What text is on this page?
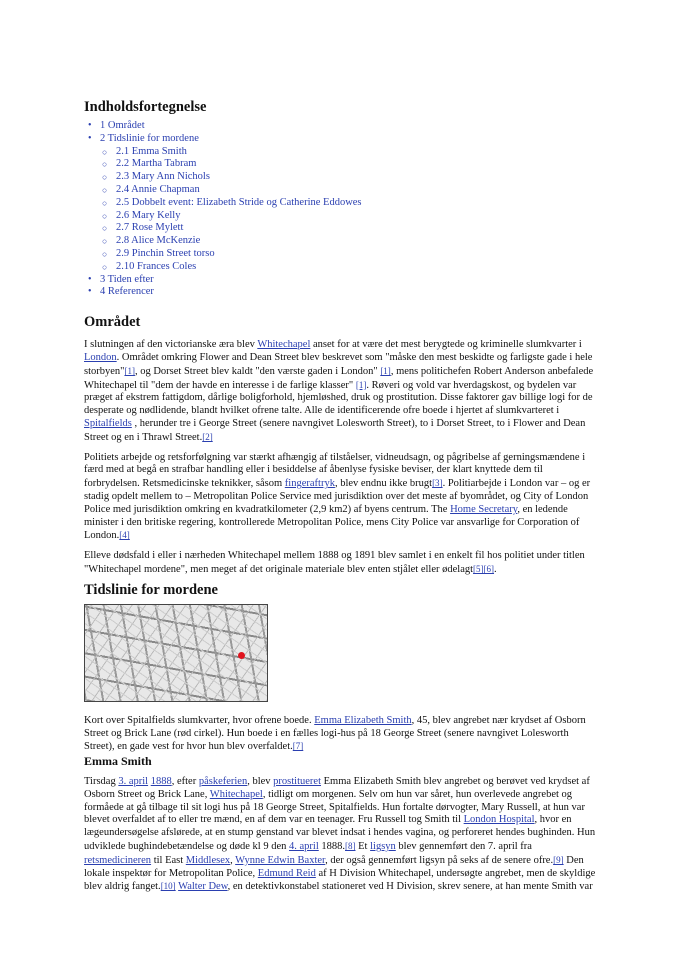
Indholdsfortegnelse
• 1 Området
• 2 Tidslinie for mordene
○ 2.1 Emma Smith
○ 2.2 Martha Tabram
○ 2.3 Mary Ann Nichols
○ 2.4 Annie Chapman
○ 2.5 Dobbelt event: Elizabeth Stride og Catherine Eddowes
○ 2.6 Mary Kelly
○ 2.7 Rose Mylett
○ 2.8 Alice McKenzie
○ 2.9 Pinchin Street torso
○ 2.10 Frances Coles
• 3 Tiden efter
• 4 Referencer
Området

I slutningen af den victorianske æra blev Whitechapel anset for at være det mest berygtede og kriminelle slumkvarter i London. Området omkring Flower and Dean Street blev beskrevet som "måske den mest beskidte og farligste gade i hele storbyen"[1], og Dorset Street blev kaldt "den værste gaden i London" [1], mens politichefen Robert Anderson anbefalede Whitechapel til "dem der havde en interesse i de farlige klasser" [1]. Røveri og vold var hverdagskost, og bydelen var præget af ekstrem fattigdom, dårlige boligforhold, hjemløshed, druk og prostitution. Disse faktorer gav billige logi for de desperate og nødlidende, blandt hvilket ofrene talte. Alle de identificerende ofre boede i hjertet af slumkvarteret i Spitalfields , herunder tre i George Street (senere navngivet Lolesworth Street), to i Dorset Street, to i Flower and Dean Street og en i Thrawl Street.[2]

Politiets arbejde og retsforfølgning var stærkt afhængig af tilståelser, vidneudsagn, og pågribelse af gerningsmændene i færd med at begå en strafbar handling eller i besiddelse af åbenlyse fysiske beviser, der klart knyttede dem til forbrydelsen. Retsmedicinske teknikker, såsom fingeraftryk, blev endnu ikke brugt[3]. Politiarbejde i London var – og er stadig opdelt mellem to – Metropolitan Police Service med jurisdiktion over det meste af byområdet, og City of London Police med jurisdiktion omkring en kvadratkilometer (2,9 km2) af byens centrum. The Home Secretary, en ledende minister i den britiske regering, kontrollerede Metropolitan Police, mens City Police var ansvarlige for Corporation of London.[4]

Elleve dødsfald i eller i nærheden Whitechapel mellem 1888 og 1891 blev samlet i en enkelt fil hos politiet under titlen "Whitechapel mordene", men meget af det originale materiale blev enten stjålet eller ødelagt[5][6].

Tidslinie for mordene

Kort over Spitalfields slumkvarter, hvor ofrene boede. Emma Elizabeth Smith, 45, blev angrebet nær krydset af Osborn Street og Brick Lane (rød cirkel). Hun boede i en fælles logi-hus på 18 George Street (senere navngivet Lolesworth Street), en gade vest for hvor hun blev overfaldet.[7]

Emma Smith

Tirsdag 3. april 1888, efter påskeferien, blev prostitueret Emma Elizabeth Smith blev angrebet og berøvet ved krydset af Osborn Street og Brick Lane, Whitechapel, tidligt om morgenen. Selv om hun var såret, hun overlevede angrebet og formåede at gå tilbage til sit logi hus på 18 George Street, Spitalfields. Hun fortalte dørvogter, Mary Russell, at hun var blevet overfaldet af to eller tre mænd, en af dem var en teenager. Fru Russell tog Smith til London Hospital, hvor en lægeundersøgelse afslørede, at en stump genstand var blevet indsat i hendes vagina, og perforeret hendes bughinden. Hun udviklede bughindebetændelse og døde kl 9 den 4. april 1888.[8] Et ligsyn blev gennemført den 7. april fra retsmedicineren til East Middlesex, Wynne Edwin Baxter, der også gennemført ligsyn på seks af de senere ofre.[9] Den lokale inspektør for Metropolitan Police, Edmund Reid af H Division Whitechapel, undersøgte angrebet, men de skyldige blev aldrig fanget.[10] Walter Dew, en detektivkonstabel stationeret ved H Division, skrev senere, at han mente Smith var
